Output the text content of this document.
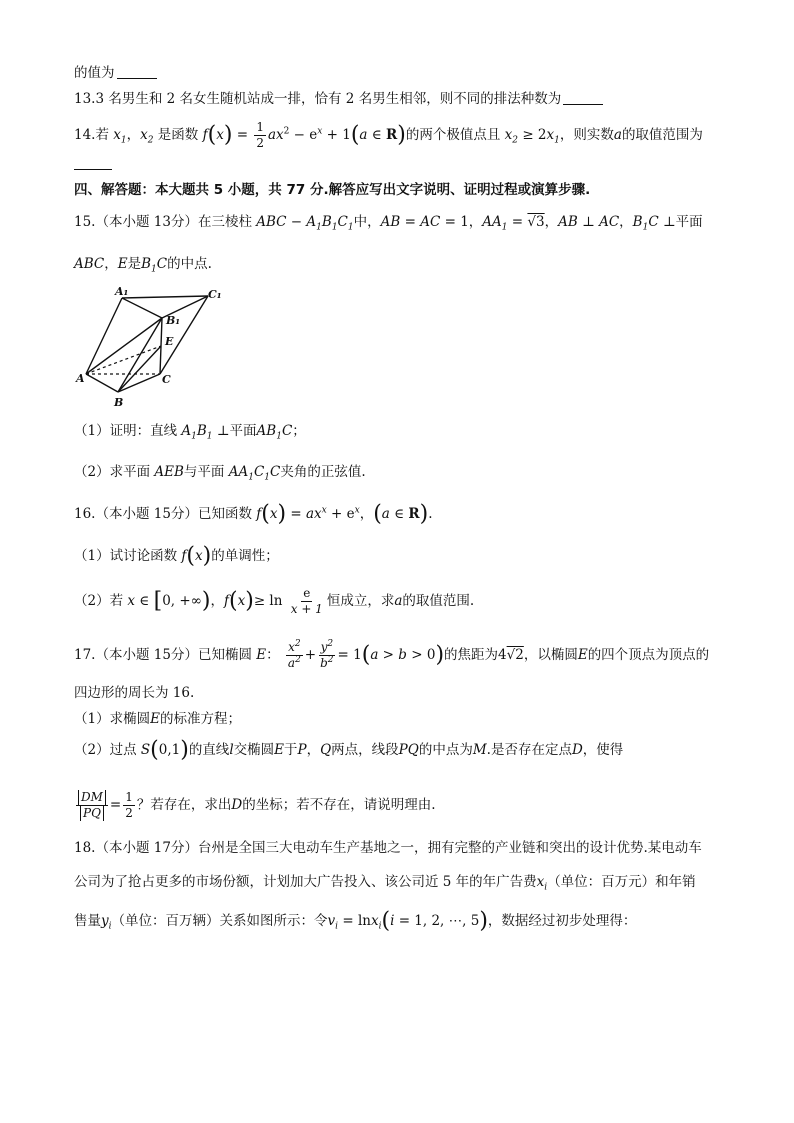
的值为
13.3 名男生和 2 名女生随机站成一排，恰有 2 名男生相邻，则不同的排法种数为
14.若 $x_1$，$x_2$ 是函数 $f(x) = \frac{1}{2} ax^2 - e^x + 1(a$ ∈ R)的两个极值点且 $x_2 \ge 2x_1$，则实数a的取值范围为
四、解答题：本大题共 5 小题，共 77 分.解答应写出文字说明、证明过程或演算步骤.
15.（本小题 13分）在三棱柱 ABC − $A_1B_1C_1$中，AB = AC = 1，$AA_1 = √3$，AB ⊥ AC，$B_1C$ ⊥平面
ABC，E是$B_1C$的中点.
A₁	C₁
B₁
E
A
B
C
（1）证明：直线 $A_1B_1$ ⊥平面$AB_1C$；
（2）求平面 AEB与平面 $AA_1C_1C$夹角的正弦值.
16.（本小题 15分）已知函数 $f(x) = ax^x + e^x$，(a ∈ R).
（1）试讨论函数 f(x)的单调性；
（2）若 x ∈ [0, +∞)，$f(x)\ge \ln \frac{e}{x + 1}$ 恒成立，求a的取值范围.
17.（本小题 15分）已知椭圆 E： $\frac{x^2}{a^2} + \frac{y^2}{b^2} = 1(a > b > 0)$的焦距为4√2，以椭圆E的四个顶点为顶点的
四边形的周长为 16.
（1）求椭圆E的标准方程；
（2）过点 S(0,1)的直线l交椭圆E于P，Q两点，线段PQ的中点为M.是否存在定点D，使得
$\frac{DM}{PQ} = \frac{1}{2}$ ？若存在，求出D的坐标；若不存在，请说明理由.
18.（本小题 17分）台州是全国三大电动车生产基地之一，拥有完整的产业链和突出的设计优势.某电动车
公司为了抢占更多的市场份额，计划加大广告投入、该公司近 5 年的年广告费$x_i$（单位：百万元）和年销
售量$y_i$（单位：百万辆）关系如图所示：令$v_i = \ln x_i(i = 1$, 2, ⋯, 5)，数据经过初步处理得：
